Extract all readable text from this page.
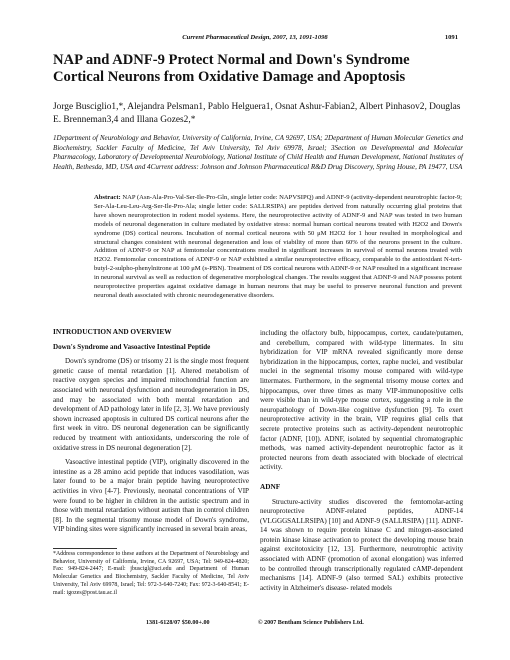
Current Pharmaceutical Design, 2007, 13, 1091-1098	1091
NAP and ADNF-9 Protect Normal and Down's Syndrome Cortical Neurons from Oxidative Damage and Apoptosis
Jorge Busciglio1,*, Alejandra Pelsman1, Pablo Helguera1, Osnat Ashur-Fabian2, Albert Pinhasov2, Douglas E. Brenneman3,4 and Illana Gozes2,*
1Department of Neurobiology and Behavior, University of California, Irvine, CA 92697, USA; 2Department of Human Molecular Genetics and Biochemistry, Sackler Faculty of Medicine, Tel Aviv University, Tel Aviv 69978, Israel; 3Section on Developmental and Molecular Pharmacology, Laboratory of Developmental Neurobiology, National Institute of Child Health and Human Development, National Institutes of Health, Bethesda, MD, USA and 4Current address: Johnson and Johnson Pharmaceutical R&D Drug Discovery, Spring House, PA 19477, USA
Abstract: NAP (Asn-Ala-Pro-Val-Ser-Ile-Pro-Gln, single letter code: NAPVSIPQ) and ADNF-9 (activity-dependent neurotrophic factor-9; Ser-Ala-Leu-Leu-Arg-Ser-Ile-Pro-Ala; single letter code: SALLRSIPA) are peptides derived from naturally occurring glial proteins that have shown neuroprotection in rodent model systems. Here, the neuroprotective activity of ADNF-9 and NAP was tested in two human models of neuronal degeneration in culture mediated by oxidative stress: normal human cortical neurons treated with H2O2 and Down's syndrome (DS) cortical neurons. Incubation of normal cortical neurons with 50 μM H2O2 for 1 hour resulted in morphological and structural changes consistent with neuronal degeneration and loss of viability of more than 60% of the neurons present in the culture. Addition of ADNF-9 or NAP at femtomolar concentrations resulted in significant increases in survival of normal neurons treated with H2O2. Femtomolar concentrations of ADNF-9 or NAP exhibited a similar neuroprotective efficacy, comparable to the antioxidant N-tert-butyl-2-sulpho-phenylnitrone at 100 μM (s-PBN). Treatment of DS cortical neurons with ADNF-9 or NAP resulted in a significant increase in neuronal survival as well as reduction of degenerative morphological changes. The results suggest that ADNF-9 and NAP possess potent neuroprotective properties against oxidative damage in human neurons that may be useful to preserve neuronal function and prevent neuronal death associated with chronic neurodegenerative disorders.
INTRODUCTION AND OVERVIEW
Down's Syndrome and Vasoactive Intestinal Peptide

Down's syndrome (DS) or trisomy 21 is the single most frequent genetic cause of mental retardation [1]. Altered metabolism of reactive oxygen species and impaired mitochondrial function are associated with neuronal dysfunction and neurodegeneration in DS, and may be associated with both mental retardation and development of AD pathology later in life [2, 3]. We have previously shown increased apoptosis in cultured DS cortical neurons after the first week in vitro. DS neuronal degeneration can be significantly reduced by treatment with antioxidants, underscoring the role of oxidative stress in DS neuronal degeneration [2].

Vasoactive intestinal peptide (VIP), originally discovered in the intestine as a 28 amino acid peptide that induces vasodilation, was later found to be a major brain peptide having neuroprotective activities in vivo [4-7]. Previously, neonatal concentrations of VIP were found to be higher in children in the autistic spectrum and in those with mental retardation without autism than in control children [8]. In the segmental trisomy mouse model of Down's syndrome, VIP binding sites were significantly increased in several brain areas,

including the olfactory bulb, hippocampus, cortex, caudate/putamen, and cerebellum, compared with wild-type littermates. In situ hybridization for VIP mRNA revealed significantly more dense hybridization in the hippocampus, cortex, raphe nuclei, and vestibular nuclei in the segmental trisomy mouse compared with wild-type littermates. Furthermore, in the segmental trisomy mouse cortex and hippocampus, over three times as many VIP-immunopositive cells were visible than in wild-type mouse cortex, suggesting a role in the neuropathology of Down-like cognitive dysfunction [9]. To exert neuroprotective activity in the brain, VIP requires glial cells that secrete protective proteins such as activity-dependent neurotrophic factor (ADNF, [10]). ADNF, isolated by sequential chromatographic methods, was named activity-dependent neurotrophic factor as it protected neurons from death associated with blockade of electrical activity.

ADNF

Structure-activity studies discovered the femtomolar-acting neuroprotective ADNF-related peptides, ADNF-14 (VLGGGSALLRSIPA) [10] and ADNF-9 (SALLRSIPA) [11]. ADNF-14 was shown to require protein kinase C and mitogen-associated protein kinase kinase activation to protect the developing mouse brain against excitotoxicity [12, 13]. Furthermore, neurotrophic activity associated with ADNF (promotion of axonal elongation) was inferred to be controlled through transcriptionally regulated cAMP-dependent mechanisms [14]. ADNF-9 (also termed SAL) exhibits protective activity in Alzheimer's disease- related models

*Address correspondence to these authors at the Department of Neurobiology and Behavior, University of California, Irvine, CA 92697, USA; Tel: 949-824-4820; Fax: 949-824-2447; E-mail: jbuscigl@uci.edu and Department of Human Molecular Genetics and Biochemistry, Sackler Faculty of Medicine, Tel Aviv University, Tel Aviv 69978, Israel; Tel: 972-3-640-7240; Fax: 972-3-640-8541; E-mail: igozes@post.tau.ac.il
1381-6128/07 $50.00+.00	© 2007 Bentham Science Publishers Ltd.
